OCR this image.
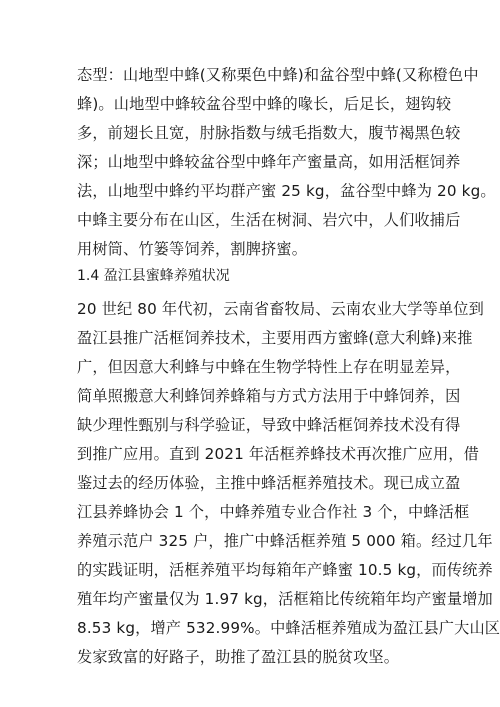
态型：山地型中蜂(又称栗色中蜂)和盆谷型中蜂(又称橙色中
蜂)。山地型中蜂较盆谷型中蜂的喙长，后足长，翅钩较
多，前翅长且宽，肘脉指数与绒毛指数大，腹节褐黑色较
深；山地型中蜂较盆谷型中蜂年产蜜量高，如用活框饲养
法，山地型中蜂约平均群产蜜 25 kg，盆谷型中蜂为 20 kg。
中蜂主要分布在山区，生活在树洞、岩穴中，人们收捕后
用树筒、竹篓等饲养，割脾挤蜜。
1.4 盈江县蜜蜂养殖状况
20 世纪 80 年代初，云南省畜牧局、云南农业大学等单位到
盈江县推广活框饲养技术，主要用西方蜜蜂(意大利蜂)来推
广，但因意大利蜂与中蜂在生物学特性上存在明显差异，
简单照搬意大利蜂饲养蜂箱与方式方法用于中蜂饲养，因
缺少理性甄别与科学验证，导致中蜂活框饲养技术没有得
到推广应用。直到 2021 年活框养蜂技术再次推广应用，借
鉴过去的经历体验，主推中蜂活框养殖技术。现已成立盈
江县养蜂协会 1 个，中蜂养殖专业合作社 3 个，中蜂活框
养殖示范户 325 户，推广中蜂活框养殖 5 000 箱。经过几年
的实践证明，活框养殖平均每箱年产蜂蜜 10.5 kg，而传统养
殖年均产蜜量仅为 1.97 kg，活框箱比传统箱年均产蜜量增加
8.53 kg，增产 532.99%。中蜂活框养殖成为盈江县广大山区
发家致富的好路子，助推了盈江县的脱贫攻坚。
